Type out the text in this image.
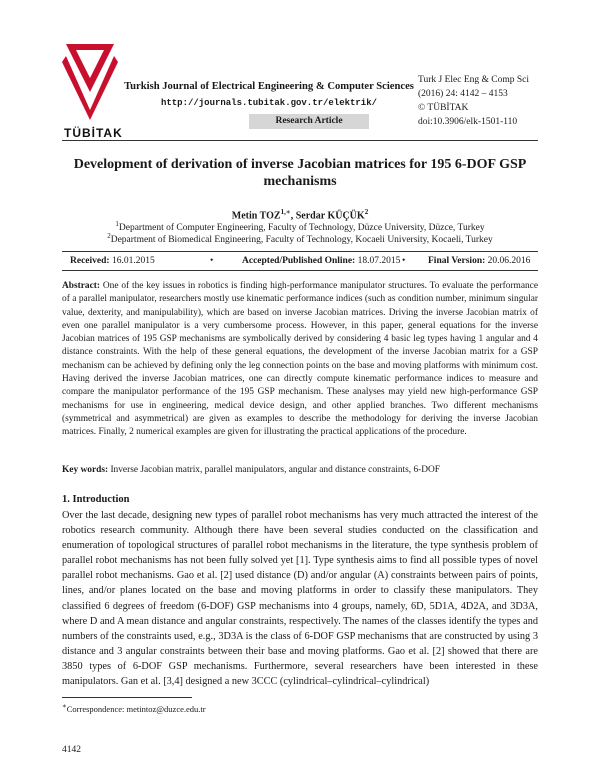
TÜBİTAK
Turkish Journal of Electrical Engineering & Computer Sciences
http://journals.tubitak.gov.tr/elektrik/
Research Article
Turk J Elec Eng & Comp Sci
(2016) 24: 4142 – 4153
© TÜBİTAK
doi:10.3906/elk-1501-110
Development of derivation of inverse Jacobian matrices for 195 6-DOF GSP mechanisms
Metin $TOZ^{1,∗}$, Serdar KÜÇÜK$^2$
$^1$Department of Computer Engineering, Faculty of Technology, Düzce University, Düzce, Turkey
$^2$Department of Biomedical Engineering, Faculty of Technology, Kocaeli University, Kocaeli, Turkey
Received: 16.01.2015	•	Accepted/Published Online: 18.07.2015 • Final Version: 20.06.2016
Abstract: One of the key issues in robotics is finding high-performance manipulator structures. To evaluate the performance of a parallel manipulator, researchers mostly use kinematic performance indices (such as condition number, minimum singular value, dexterity, and manipulability), which are based on inverse Jacobian matrices. Driving the inverse Jacobian matrix of even one parallel manipulator is a very cumbersome process. However, in this paper, general equations for the inverse Jacobian matrices of 195 GSP mechanisms are symbolically derived by considering 4 basic leg types having 1 angular and 4 distance constraints. With the help of these general equations, the development of the inverse Jacobian matrix for a GSP mechanism can be achieved by defining only the leg connection points on the base and moving platforms with minimum cost. Having derived the inverse Jacobian matrices, one can directly compute kinematic performance indices to measure and compare the manipulator performance of the 195 GSP mechanism. These analyses may yield new high-performance GSP mechanisms for use in engineering, medical device design, and other applied branches. Two different mechanisms (symmetrical and asymmetrical) are given as examples to describe the methodology for deriving the inverse Jacobian matrices. Finally, 2 numerical examples are given for illustrating the practical applications of the procedure.
Key words: Inverse Jacobian matrix, parallel manipulators, angular and distance constraints, 6-DOF
1. Introduction
Over the last decade, designing new types of parallel robot mechanisms has very much attracted the interest of the robotics research community. Although there have been several studies conducted on the classification and enumeration of topological structures of parallel robot mechanisms in the literature, the type synthesis problem of parallel robot mechanisms has not been fully solved yet [1]. Type synthesis aims to find all possible types of novel parallel robot mechanisms. Gao et al. [2] used distance (D) and/or angular (A) constraints between pairs of points, lines, and/or planes located on the base and moving platforms in order to classify these manipulators. They classified 6 degrees of freedom (6-DOF) GSP mechanisms into 4 groups, namely, 6D, 5D1A, 4D2A, and 3D3A, where D and A mean distance and angular constraints, respectively. The names of the classes identify the types and numbers of the constraints used, e.g., 3D3A is the class of 6-DOF GSP mechanisms that are constructed by using 3 distance and 3 angular constraints between their base and moving platforms. Gao et al. [2] showed that there are 3850 types of 6-DOF GSP mechanisms. Furthermore, several researchers have been interested in these manipulators. Gan et al. [3,4] designed a new 3CCC (cylindrical–cylindrical–cylindrical)
∗Correspondence: metintoz@duzce.edu.tr
4142
